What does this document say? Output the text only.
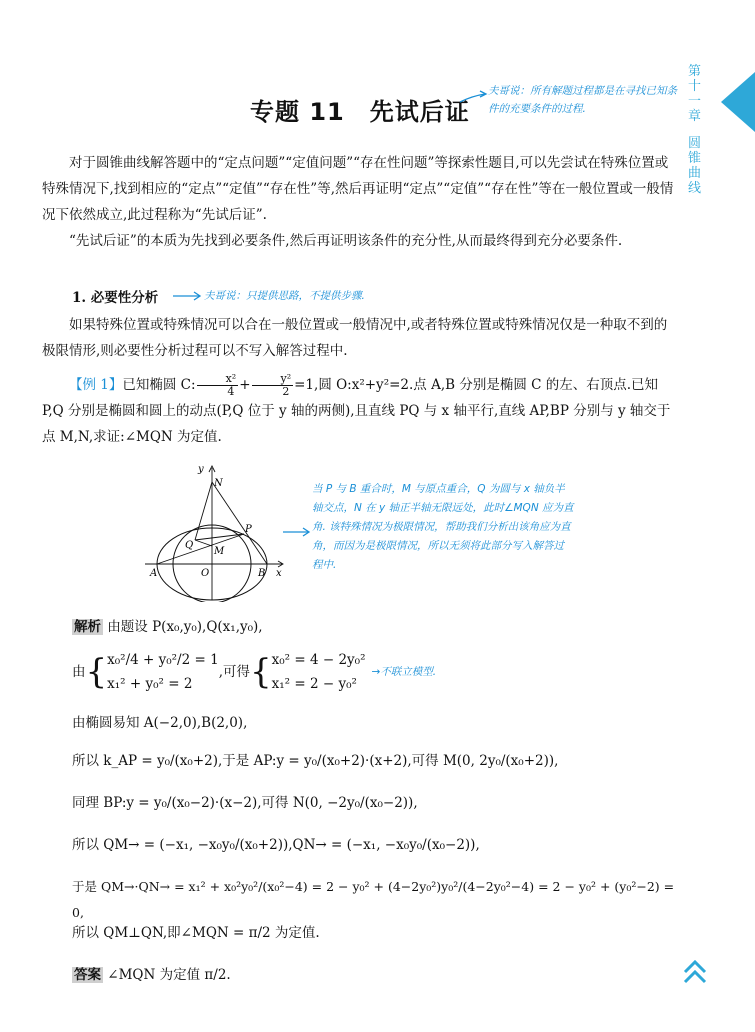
第十一章
圆锥曲线
专题 11　先试后证
夫哥说：所有解题过程都是在寻找已知条件的充要条件的过程.
对于圆锥曲线解答题中的“定点问题”“定值问题”“存在性问题”等探索性题目,可以先尝试在特殊位置或特殊情况下,找到相应的“定点”“定值”“存在性”等,然后再证明“定点”“定值”“存在性”等在一般位置或一般情况下依然成立,此过程称为“先试后证”.
“先试后证”的本质为先找到必要条件,然后再证明该条件的充分性,从而最终得到充分必要条件.
1. 必要性分析	夫哥说：只提供思路，不提供步骤.
如果特殊位置或特殊情况可以合在一般位置或一般情况中,或者特殊位置或特殊情况仅是一种取不到的极限情形,则必要性分析过程可以不写入解答过程中.
【例 1】已知椭圆 C: $\frac{\text{x²}}{4} + \frac{\text{y²}}{2} =1$,圆 O:x²+y²=2.点 A,B 分别是椭圆 C 的左、右顶点.已知 P,Q 分别是椭圆和圆上的动点(P,Q 位于 y 轴的两侧),且直线 PQ 与 x 轴平行,直线 AP,BP 分别与 y 轴交于点 M,N,求证:∠MQN 为定值.
y
N
P
Q
M
A	O	B x
当 P 与 B 重合时，M 与原点重合，Q 为圆与 x 轴负半轴交点，N 在 y 轴正半轴无限远处，此时∠MQN 应为直角. 该特殊情况为极限情况，帮助我们分析出该角应为直角，而因为是极限情况，所以无须将此部分写入解答过程中.
解析 由题设 P(x₀,y₀),Q(x₁,y₀),
由 { x₀²/4 + y₀²/2 = 1
x₁² + y₀² = 2
,可得 { x₀² = 4 − 2y₀²
x₁² = 2 − y₀²
→不联立模型.
由椭圆易知 A(−2,0),B(2,0),
所以 k_AP = y₀/(x₀+2),于是 AP:y = y₀/(x₀+2)·(x+2),可得 M(0, 2y₀/(x₀+2)),
同理 BP:y = y₀/(x₀−2)·(x−2),可得 N(0, −2y₀/(x₀−2)),
所以 QM→ = (−x₁, −x₀y₀/(x₀+2)),QN→ = (−x₁, −x₀y₀/(x₀−2)),
于是 QM→·QN→ = x₁² + x₀²y₀²/(x₀²−4) = 2 − y₀² + (4−2y₀²)y₀²/(4−2y₀²−4) = 2 − y₀² + (y₀²−2) = 0,
所以 QM⊥QN,即∠MQN = π/2 为定值.
答案 ∠MQN 为定值 π/2.
